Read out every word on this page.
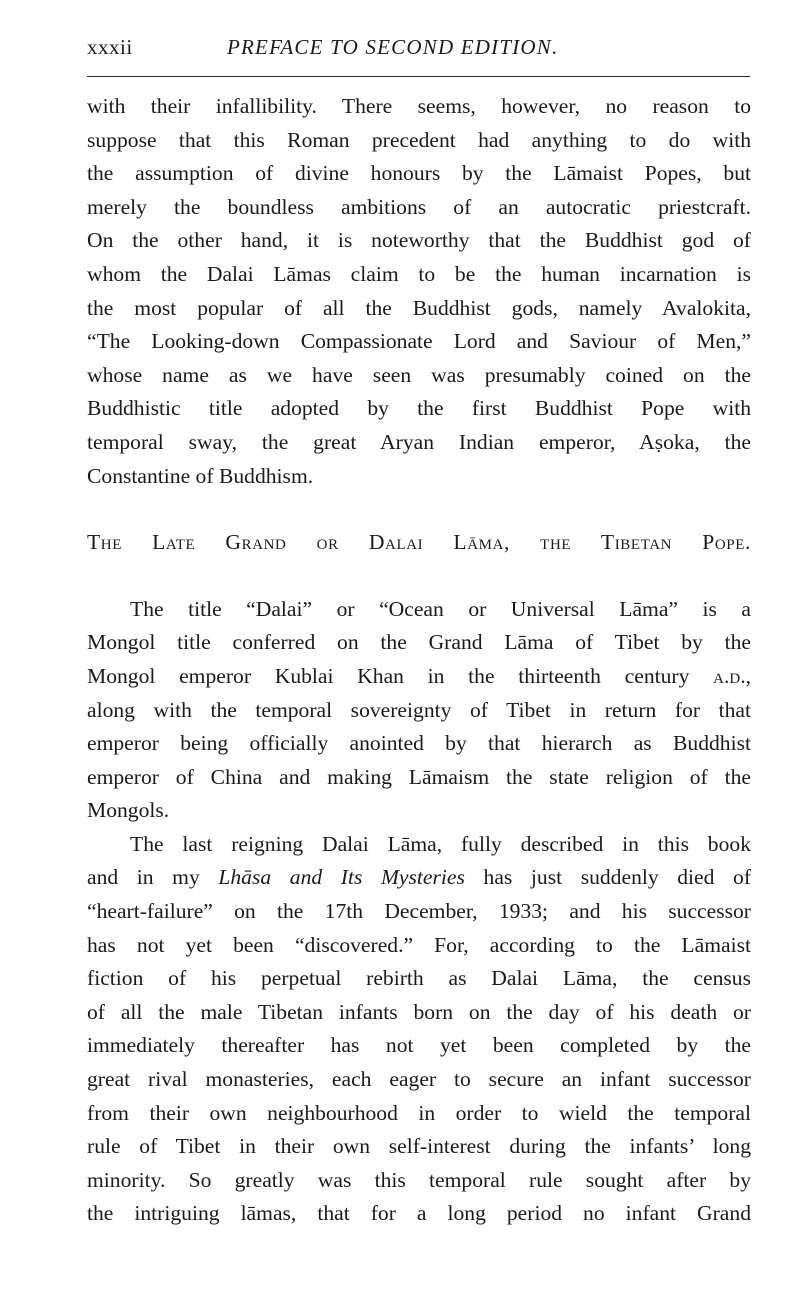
xxxii	PREFACE TO SECOND EDITION.
with their infallibility. There seems, however, no reason to
suppose that this Roman precedent had anything to do with
the assumption of divine honours by the Lāmaist Popes, but
merely the boundless ambitions of an autocratic priestcraft.
On the other hand, it is noteworthy that the Buddhist god of
whom the Dalai Lāmas claim to be the human incarnation is
the most popular of all the Buddhist gods, namely Avalokita,
“The Looking-down Compassionate Lord and Saviour of Men,”
whose name as we have seen was presumably coined on the
Buddhistic title adopted by the first Buddhist Pope with
temporal sway, the great Aryan Indian emperor, Aṣoka, the
Constantine of Buddhism.
The Late Grand or Dalai Lāma, the Tibetan Pope.
The title “Dalai” or “Ocean or Universal Lāma” is a
Mongol title conferred on the Grand Lāma of Tibet by the
Mongol emperor Kublai Khan in the thirteenth century a.d.,
along with the temporal sovereignty of Tibet in return for that
emperor being officially anointed by that hierarch as Buddhist
emperor of China and making Lāmaism the state religion of the
Mongols.
The last reigning Dalai Lāma, fully described in this book
and in my Lhāsa and Its Mysteries has just suddenly died of
“heart-failure” on the 17th December, 1933; and his successor
has not yet been “discovered.” For, according to the Lāmaist
fiction of his perpetual rebirth as Dalai Lāma, the census
of all the male Tibetan infants born on the day of his death or
immediately thereafter has not yet been completed by the
great rival monasteries, each eager to secure an infant successor
from their own neighbourhood in order to wield the temporal
rule of Tibet in their own self-interest during the infants’ long
minority. So greatly was this temporal rule sought after by
the intriguing lāmas, that for a long period no infant Grand
